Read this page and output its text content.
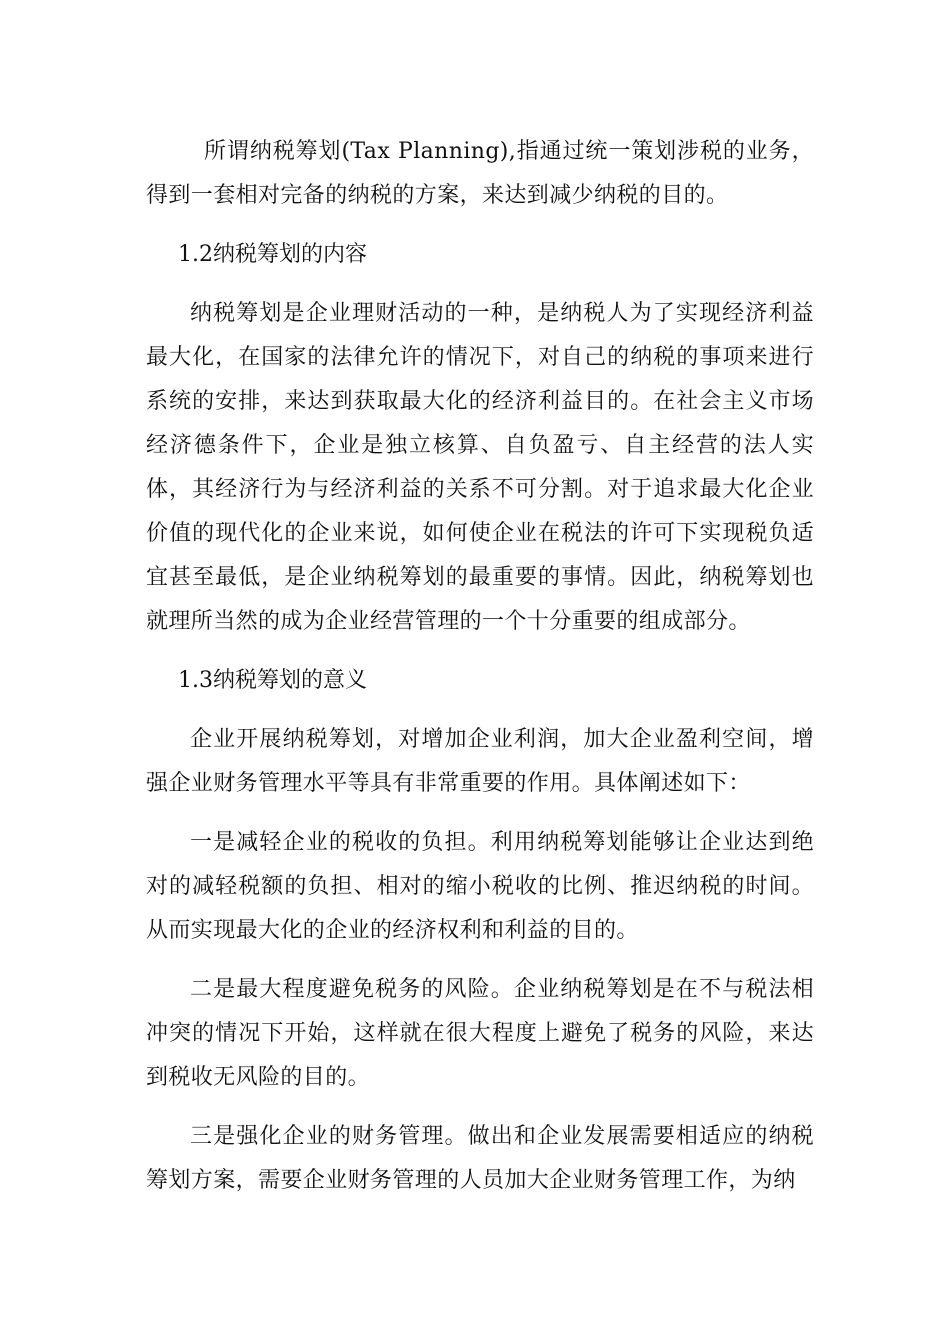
所谓纳税筹划(Tax Planning),指通过统一策划涉税的业务，得到一套相对完备的纳税的方案，来达到减少纳税的目的。

1.2纳税筹划的内容

纳税筹划是企业理财活动的一种，是纳税人为了实现经济利益最大化，在国家的法律允许的情况下，对自己的纳税的事项来进行系统的安排，来达到获取最大化的经济利益目的。在社会主义市场经济德条件下，企业是独立核算、自负盈亏、自主经营的法人实体，其经济行为与经济利益的关系不可分割。对于追求最大化企业价值的现代化的企业来说，如何使企业在税法的许可下实现税负适宜甚至最低，是企业纳税筹划的最重要的事情。因此，纳税筹划也就理所当然的成为企业经营管理的一个十分重要的组成部分。

1.3纳税筹划的意义

企业开展纳税筹划，对增加企业利润，加大企业盈利空间，增强企业财务管理水平等具有非常重要的作用。具体阐述如下：

一是减轻企业的税收的负担。利用纳税筹划能够让企业达到绝对的减轻税额的负担、相对的缩小税收的比例、推迟纳税的时间。从而实现最大化的企业的经济权利和利益的目的。

二是最大程度避免税务的风险。企业纳税筹划是在不与税法相冲突的情况下开始，这样就在很大程度上避免了税务的风险，来达到税收无风险的目的。

三是强化企业的财务管理。做出和企业发展需要相适应的纳税筹划方案，需要企业财务管理的人员加大企业财务管理工作，为纳
